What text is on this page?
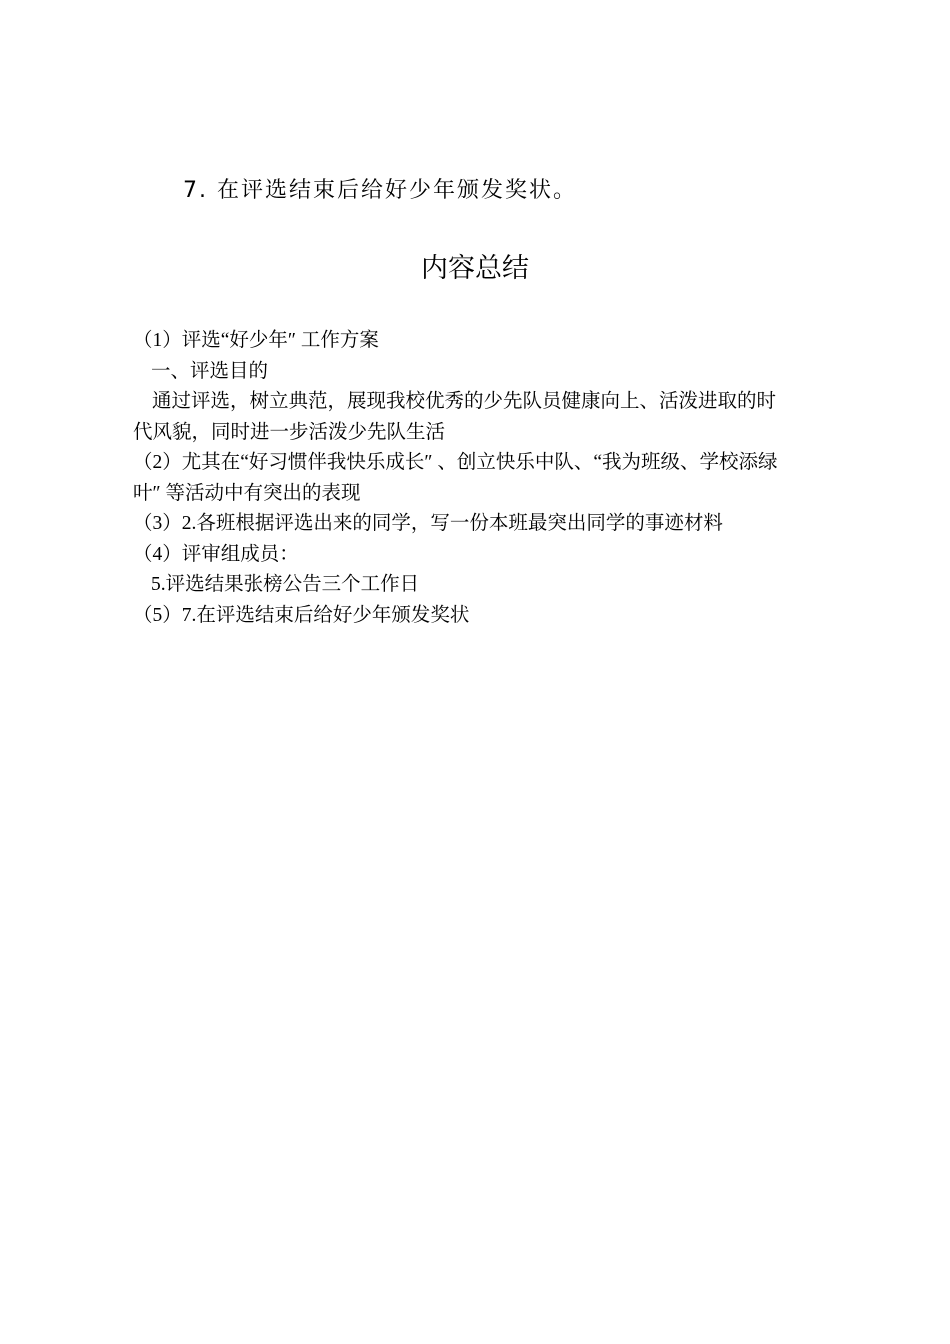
7. 在评选结束后给好少年颁发奖状。
内容总结
（1）评选“好少年″ 工作方案
一、评选目的
通过评选，树立典范，展现我校优秀的少先队员健康向上、活泼进取的时
代风貌，同时进一步活泼少先队生活
（2）尤其在“好习惯伴我快乐成长″ 、创立快乐中队、“我为班级、学校添绿
叶″ 等活动中有突出的表现
（3）2.各班根据评选出来的同学，写一份本班最突出同学的事迹材料
（4）评审组成员：
5.评选结果张榜公告三个工作日
（5）7.在评选结束后给好少年颁发奖状
